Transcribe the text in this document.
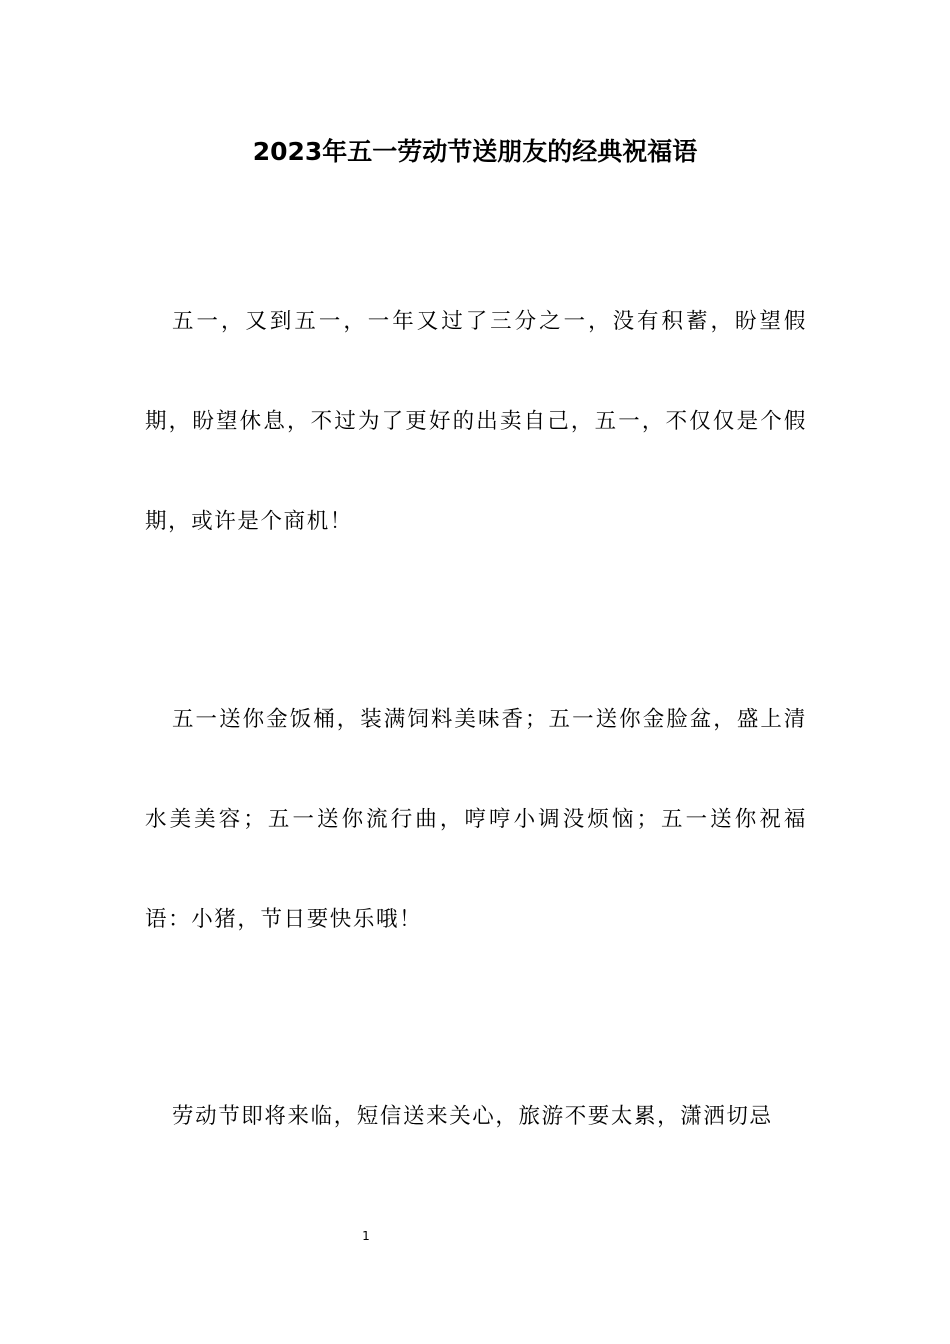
2023年五一劳动节送朋友的经典祝福语

五一，又到五一，一年又过了三分之一，没有积蓄，盼望假期，盼望休息，不过为了更好的出卖自己，五一，不仅仅是个假期，或许是个商机！

五一送你金饭桶，装满饲料美味香；五一送你金脸盆，盛上清水美美容；五一送你流行曲，哼哼小调没烦恼；五一送你祝福语：小猪，节日要快乐哦！

劳动节即将来临，短信送来关心，旅游不要太累，潇洒切忌

1
